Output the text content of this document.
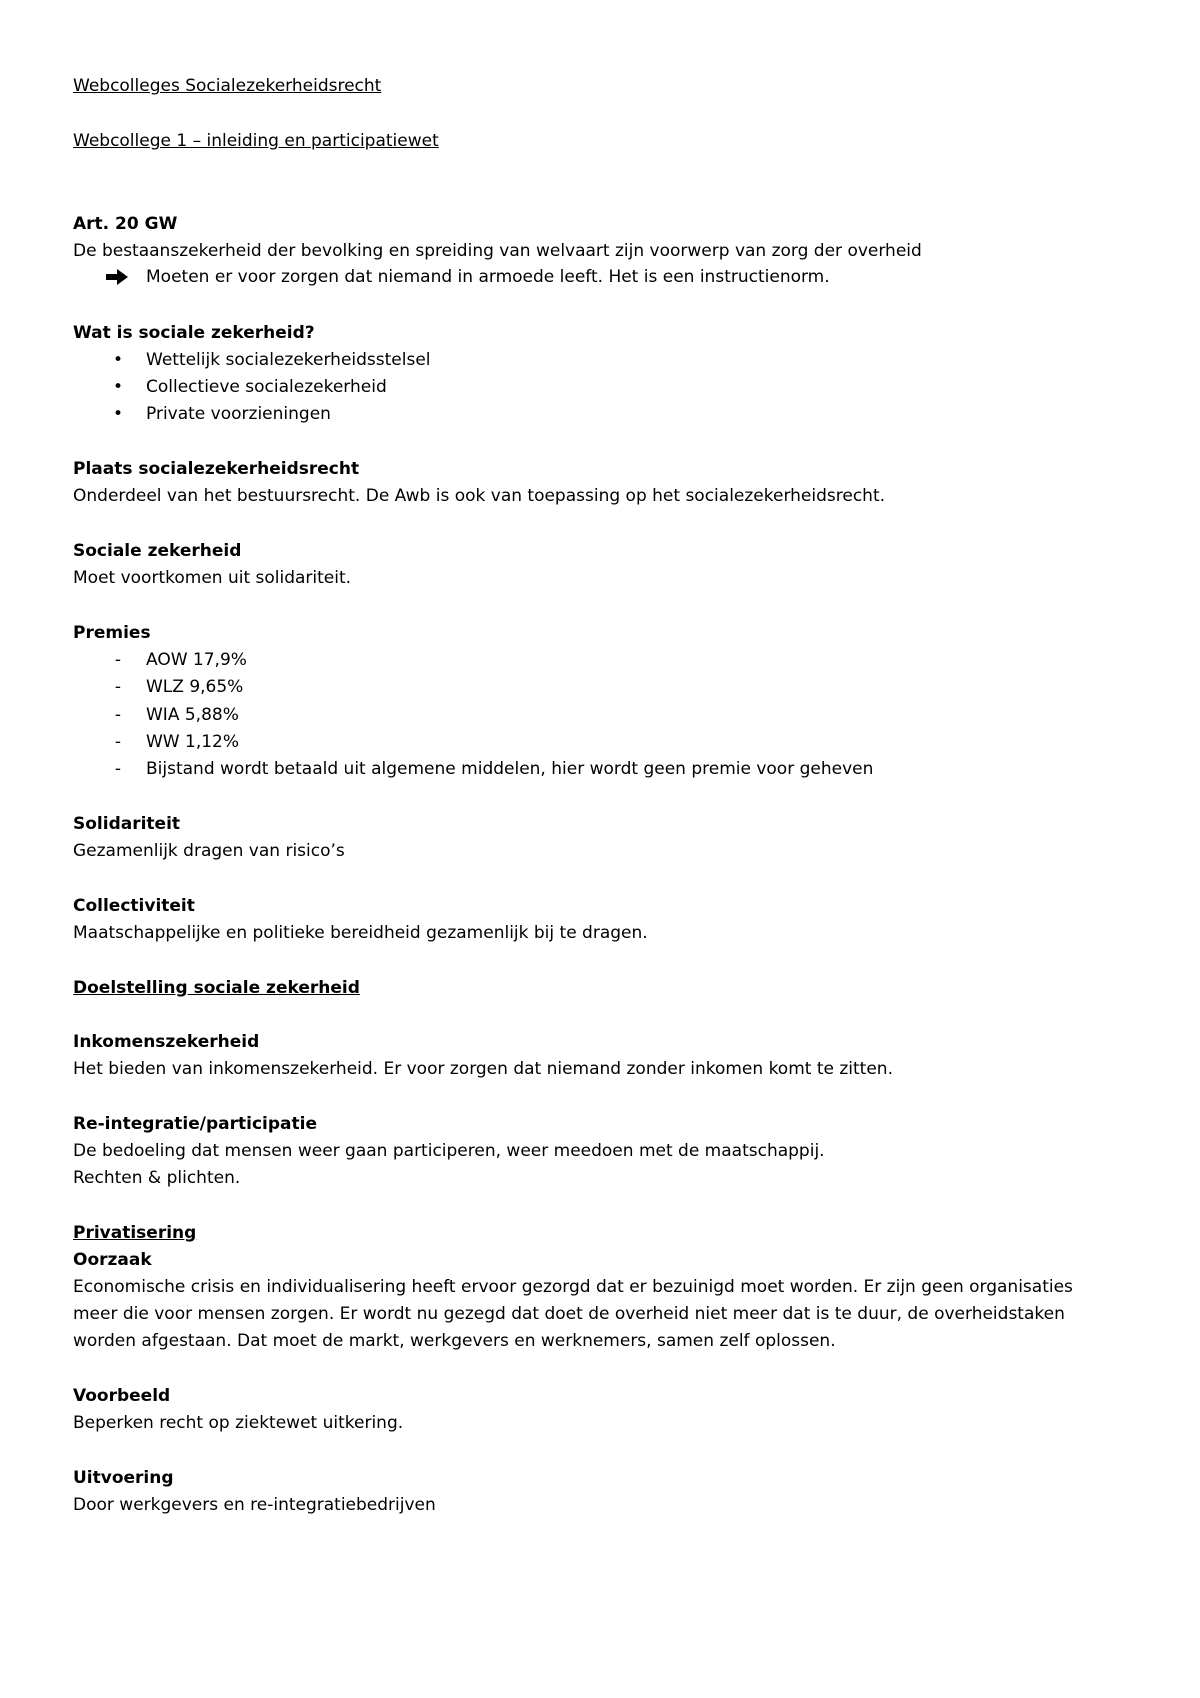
Webcolleges Socialezekerheidsrecht
Webcollege 1 – inleiding en participatiewet
Art. 20 GW
De bestaanszekerheid der bevolking en spreiding van welvaart zijn voorwerp van zorg der overheid
Moeten er voor zorgen dat niemand in armoede leeft. Het is een instructienorm.
Wat is sociale zekerheid?
•	Wettelijk socialezekerheidsstelsel
•	Collectieve socialezekerheid
•	Private voorzieningen
Plaats socialezekerheidsrecht
Onderdeel van het bestuursrecht. De Awb is ook van toepassing op het socialezekerheidsrecht.
Sociale zekerheid
Moet voortkomen uit solidariteit.
Premies
-	AOW 17,9%
-	WLZ 9,65%
-	WIA 5,88%
-	WW 1,12%
-	Bijstand wordt betaald uit algemene middelen, hier wordt geen premie voor geheven
Solidariteit
Gezamenlijk dragen van risico’s
Collectiviteit
Maatschappelijke en politieke bereidheid gezamenlijk bij te dragen.
Doelstelling sociale zekerheid
Inkomenszekerheid
Het bieden van inkomenszekerheid. Er voor zorgen dat niemand zonder inkomen komt te zitten.
Re-integratie/participatie
De bedoeling dat mensen weer gaan participeren, weer meedoen met de maatschappij.
Rechten & plichten.
Privatisering
Oorzaak
Economische crisis en individualisering heeft ervoor gezorgd dat er bezuinigd moet worden. Er zijn geen organisaties
meer die voor mensen zorgen. Er wordt nu gezegd dat doet de overheid niet meer dat is te duur, de overheidstaken
worden afgestaan. Dat moet de markt, werkgevers en werknemers, samen zelf oplossen.
Voorbeeld
Beperken recht op ziektewet uitkering.
Uitvoering
Door werkgevers en re-integratiebedrijven
